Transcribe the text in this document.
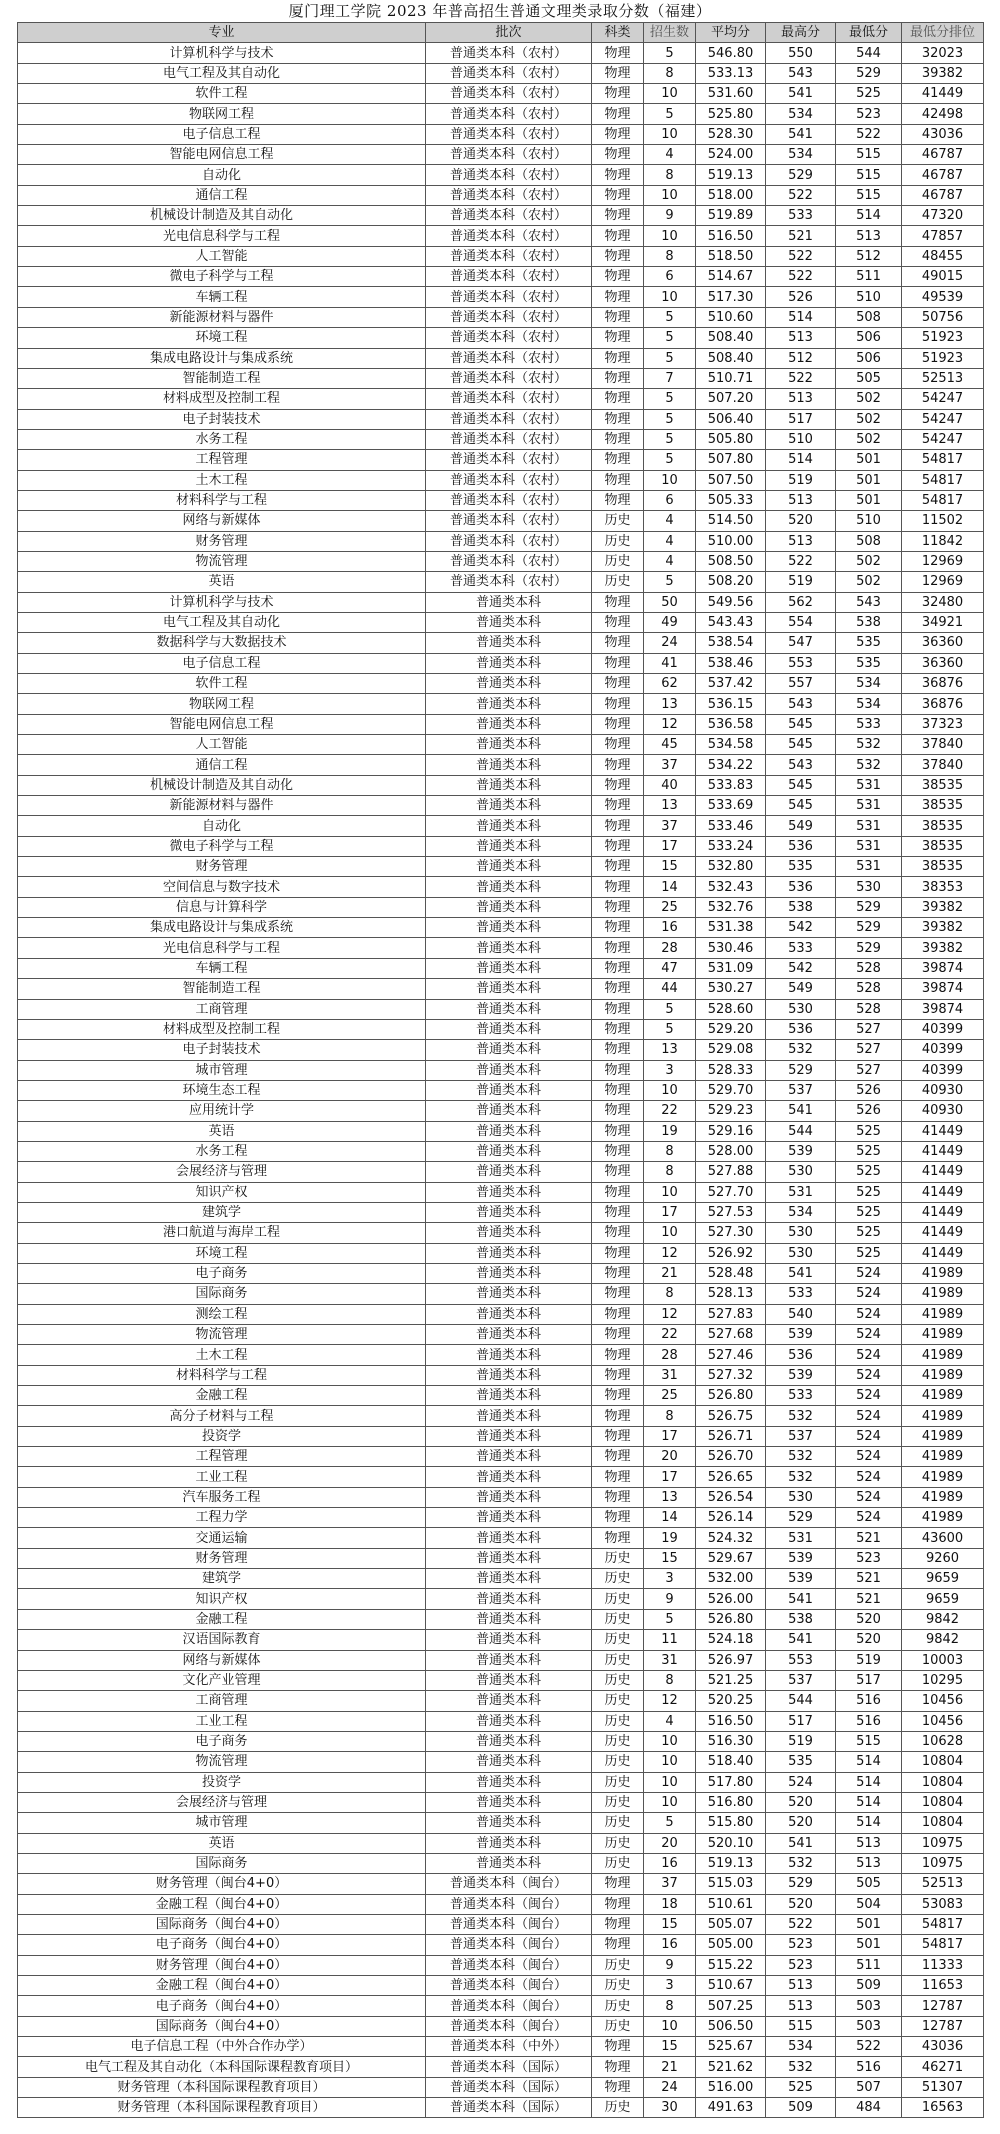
厦门理工学院 2023 年普高招生普通文理类录取分数（福建）
专业	批次	科类	招生数	平均分	最高分	最低分	最低分排位
计算机科学与技术	普通类本科（农村）	物理	5	546.80	550	544	32023
电气工程及其自动化	普通类本科（农村）	物理	8	533.13	543	529	39382
软件工程	普通类本科（农村）	物理	10	531.60	541	525	41449
物联网工程	普通类本科（农村）	物理	5	525.80	534	523	42498
电子信息工程	普通类本科（农村）	物理	10	528.30	541	522	43036
智能电网信息工程	普通类本科（农村）	物理	4	524.00	534	515	46787
自动化	普通类本科（农村）	物理	8	519.13	529	515	46787
通信工程	普通类本科（农村）	物理	10	518.00	522	515	46787
机械设计制造及其自动化	普通类本科（农村）	物理	9	519.89	533	514	47320
光电信息科学与工程	普通类本科（农村）	物理	10	516.50	521	513	47857
人工智能	普通类本科（农村）	物理	8	518.50	522	512	48455
微电子科学与工程	普通类本科（农村）	物理	6	514.67	522	511	49015
车辆工程	普通类本科（农村）	物理	10	517.30	526	510	49539
新能源材料与器件	普通类本科（农村）	物理	5	510.60	514	508	50756
环境工程	普通类本科（农村）	物理	5	508.40	513	506	51923
集成电路设计与集成系统	普通类本科（农村）	物理	5	508.40	512	506	51923
智能制造工程	普通类本科（农村）	物理	7	510.71	522	505	52513
材料成型及控制工程	普通类本科（农村）	物理	5	507.20	513	502	54247
电子封装技术	普通类本科（农村）	物理	5	506.40	517	502	54247
水务工程	普通类本科（农村）	物理	5	505.80	510	502	54247
工程管理	普通类本科（农村）	物理	5	507.80	514	501	54817
土木工程	普通类本科（农村）	物理	10	507.50	519	501	54817
材料科学与工程	普通类本科（农村）	物理	6	505.33	513	501	54817
网络与新媒体	普通类本科（农村）	历史	4	514.50	520	510	11502
财务管理	普通类本科（农村）	历史	4	510.00	513	508	11842
物流管理	普通类本科（农村）	历史	4	508.50	522	502	12969
英语	普通类本科（农村）	历史	5	508.20	519	502	12969
计算机科学与技术	普通类本科	物理	50	549.56	562	543	32480
电气工程及其自动化	普通类本科	物理	49	543.43	554	538	34921
数据科学与大数据技术	普通类本科	物理	24	538.54	547	535	36360
电子信息工程	普通类本科	物理	41	538.46	553	535	36360
软件工程	普通类本科	物理	62	537.42	557	534	36876
物联网工程	普通类本科	物理	13	536.15	543	534	36876
智能电网信息工程	普通类本科	物理	12	536.58	545	533	37323
人工智能	普通类本科	物理	45	534.58	545	532	37840
通信工程	普通类本科	物理	37	534.22	543	532	37840
机械设计制造及其自动化	普通类本科	物理	40	533.83	545	531	38535
新能源材料与器件	普通类本科	物理	13	533.69	545	531	38535
自动化	普通类本科	物理	37	533.46	549	531	38535
微电子科学与工程	普通类本科	物理	17	533.24	536	531	38535
财务管理	普通类本科	物理	15	532.80	535	531	38535
空间信息与数字技术	普通类本科	物理	14	532.43	536	530	38353
信息与计算科学	普通类本科	物理	25	532.76	538	529	39382
集成电路设计与集成系统	普通类本科	物理	16	531.38	542	529	39382
光电信息科学与工程	普通类本科	物理	28	530.46	533	529	39382
车辆工程	普通类本科	物理	47	531.09	542	528	39874
智能制造工程	普通类本科	物理	44	530.27	549	528	39874
工商管理	普通类本科	物理	5	528.60	530	528	39874
材料成型及控制工程	普通类本科	物理	5	529.20	536	527	40399
电子封装技术	普通类本科	物理	13	529.08	532	527	40399
城市管理	普通类本科	物理	3	528.33	529	527	40399
环境生态工程	普通类本科	物理	10	529.70	537	526	40930
应用统计学	普通类本科	物理	22	529.23	541	526	40930
英语	普通类本科	物理	19	529.16	544	525	41449
水务工程	普通类本科	物理	8	528.00	539	525	41449
会展经济与管理	普通类本科	物理	8	527.88	530	525	41449
知识产权	普通类本科	物理	10	527.70	531	525	41449
建筑学	普通类本科	物理	17	527.53	534	525	41449
港口航道与海岸工程	普通类本科	物理	10	527.30	530	525	41449
环境工程	普通类本科	物理	12	526.92	530	525	41449
电子商务	普通类本科	物理	21	528.48	541	524	41989
国际商务	普通类本科	物理	8	528.13	533	524	41989
测绘工程	普通类本科	物理	12	527.83	540	524	41989
物流管理	普通类本科	物理	22	527.68	539	524	41989
土木工程	普通类本科	物理	28	527.46	536	524	41989
材料科学与工程	普通类本科	物理	31	527.32	539	524	41989
金融工程	普通类本科	物理	25	526.80	533	524	41989
高分子材料与工程	普通类本科	物理	8	526.75	532	524	41989
投资学	普通类本科	物理	17	526.71	537	524	41989
工程管理	普通类本科	物理	20	526.70	532	524	41989
工业工程	普通类本科	物理	17	526.65	532	524	41989
汽车服务工程	普通类本科	物理	13	526.54	530	524	41989
工程力学	普通类本科	物理	14	526.14	529	524	41989
交通运输	普通类本科	物理	19	524.32	531	521	43600
财务管理	普通类本科	历史	15	529.67	539	523	9260
建筑学	普通类本科	历史	3	532.00	539	521	9659
知识产权	普通类本科	历史	9	526.00	541	521	9659
金融工程	普通类本科	历史	5	526.80	538	520	9842
汉语国际教育	普通类本科	历史	11	524.18	541	520	9842
网络与新媒体	普通类本科	历史	31	526.97	553	519	10003
文化产业管理	普通类本科	历史	8	521.25	537	517	10295
工商管理	普通类本科	历史	12	520.25	544	516	10456
工业工程	普通类本科	历史	4	516.50	517	516	10456
电子商务	普通类本科	历史	10	516.30	519	515	10628
物流管理	普通类本科	历史	10	518.40	535	514	10804
投资学	普通类本科	历史	10	517.80	524	514	10804
会展经济与管理	普通类本科	历史	10	516.80	520	514	10804
城市管理	普通类本科	历史	5	515.80	520	514	10804
英语	普通类本科	历史	20	520.10	541	513	10975
国际商务	普通类本科	历史	16	519.13	532	513	10975
财务管理（闽台4+0）	普通类本科（闽台）	物理	37	515.03	529	505	52513
金融工程（闽台4+0）	普通类本科（闽台）	物理	18	510.61	520	504	53083
国际商务（闽台4+0）	普通类本科（闽台）	物理	15	505.07	522	501	54817
电子商务（闽台4+0）	普通类本科（闽台）	物理	16	505.00	523	501	54817
财务管理（闽台4+0）	普通类本科（闽台）	历史	9	515.22	523	511	11333
金融工程（闽台4+0）	普通类本科（闽台）	历史	3	510.67	513	509	11653
电子商务（闽台4+0）	普通类本科（闽台）	历史	8	507.25	513	503	12787
国际商务（闽台4+0）	普通类本科（闽台）	历史	10	506.50	515	503	12787
电子信息工程（中外合作办学）	普通类本科（中外）	物理	15	525.67	534	522	43036
电气工程及其自动化（本科国际课程教育项目）	普通类本科（国际）	物理	21	521.62	532	516	46271
财务管理（本科国际课程教育项目）	普通类本科（国际）	物理	24	516.00	525	507	51307
财务管理（本科国际课程教育项目）	普通类本科（国际）	历史	30	491.63	509	484	16563
